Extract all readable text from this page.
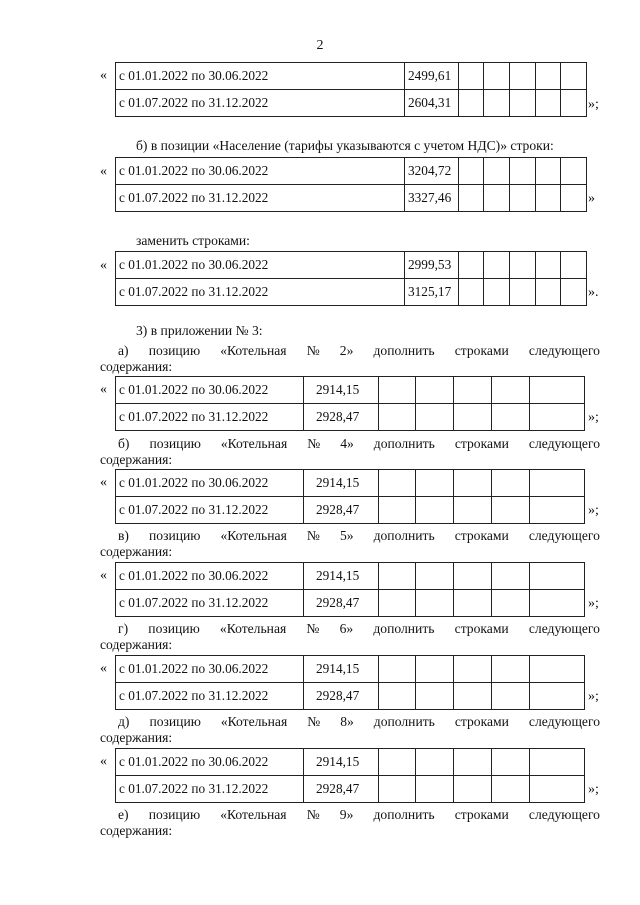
2
« с 01.01.2022 по 30.06.2022	2499,61					
с 01.07.2022 по 31.12.2022	2604,31						»;
б) в позиции «Население (тарифы указываются с учетом НДС)» строки:
« с 01.01.2022 по 30.06.2022	3204,72					
с 01.07.2022 по 31.12.2022	3327,46						»
заменить строками:
« с 01.01.2022 по 30.06.2022	2999,53					
с 01.07.2022 по 31.12.2022	3125,17						».
3) в приложении № 3:
а) позицию «Котельная № 2» дополнить строками следующего
содержания:
« с 01.01.2022 по 30.06.2022	2914,15					
с 01.07.2022 по 31.12.2022	2928,47						»;
б) позицию «Котельная № 4» дополнить строками следующего
содержания:
« с 01.01.2022 по 30.06.2022	2914,15					
с 01.07.2022 по 31.12.2022	2928,47						»;
в) позицию «Котельная № 5» дополнить строками следующего
содержания:
« с 01.01.2022 по 30.06.2022	2914,15					
с 01.07.2022 по 31.12.2022	2928,47						»;
г) позицию «Котельная № 6» дополнить строками следующего
содержания:
« с 01.01.2022 по 30.06.2022	2914,15					
с 01.07.2022 по 31.12.2022	2928,47						»;
д) позицию «Котельная № 8» дополнить строками следующего
содержания:
« с 01.01.2022 по 30.06.2022	2914,15					
с 01.07.2022 по 31.12.2022	2928,47						»;
е) позицию «Котельная № 9» дополнить строками следующего
содержания:
